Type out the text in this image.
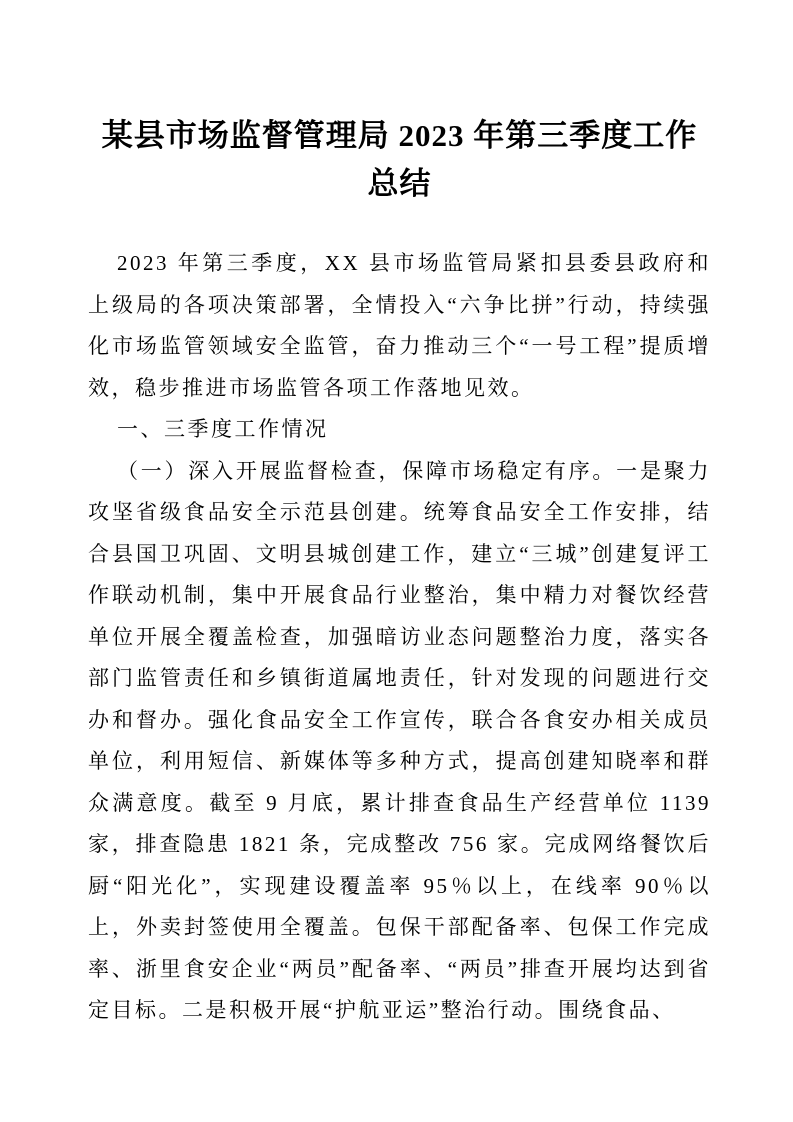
某县市场监督管理局 2023 年第三季度工作总结

2023 年第三季度，XX 县市场监管局紧扣县委县政府和上级局的各项决策部署，全情投入“六争比拼”行动，持续强化市场监管领域安全监管，奋力推动三个“一号工程”提质增效，稳步推进市场监管各项工作落地见效。

一、三季度工作情况

（一）深入开展监督检查，保障市场稳定有序。一是聚力攻坚省级食品安全示范县创建。统筹食品安全工作安排，结合县国卫巩固、文明县城创建工作，建立“三城”创建复评工作联动机制，集中开展食品行业整治，集中精力对餐饮经营单位开展全覆盖检查，加强暗访业态问题整治力度，落实各部门监管责任和乡镇街道属地责任，针对发现的问题进行交办和督办。强化食品安全工作宣传，联合各食安办相关成员单位，利用短信、新媒体等多种方式，提高创建知晓率和群众满意度。截至 9 月底，累计排查食品生产经营单位 1139 家，排查隐患 1821 条，完成整改 756 家。完成网络餐饮后厨“阳光化”，实现建设覆盖率 95％以上，在线率 90％以上，外卖封签使用全覆盖。包保干部配备率、包保工作完成率、浙里食安企业“两员”配备率、“两员”排查开展均达到省定目标。二是积极开展“护航亚运”整治行动。围绕食品、
